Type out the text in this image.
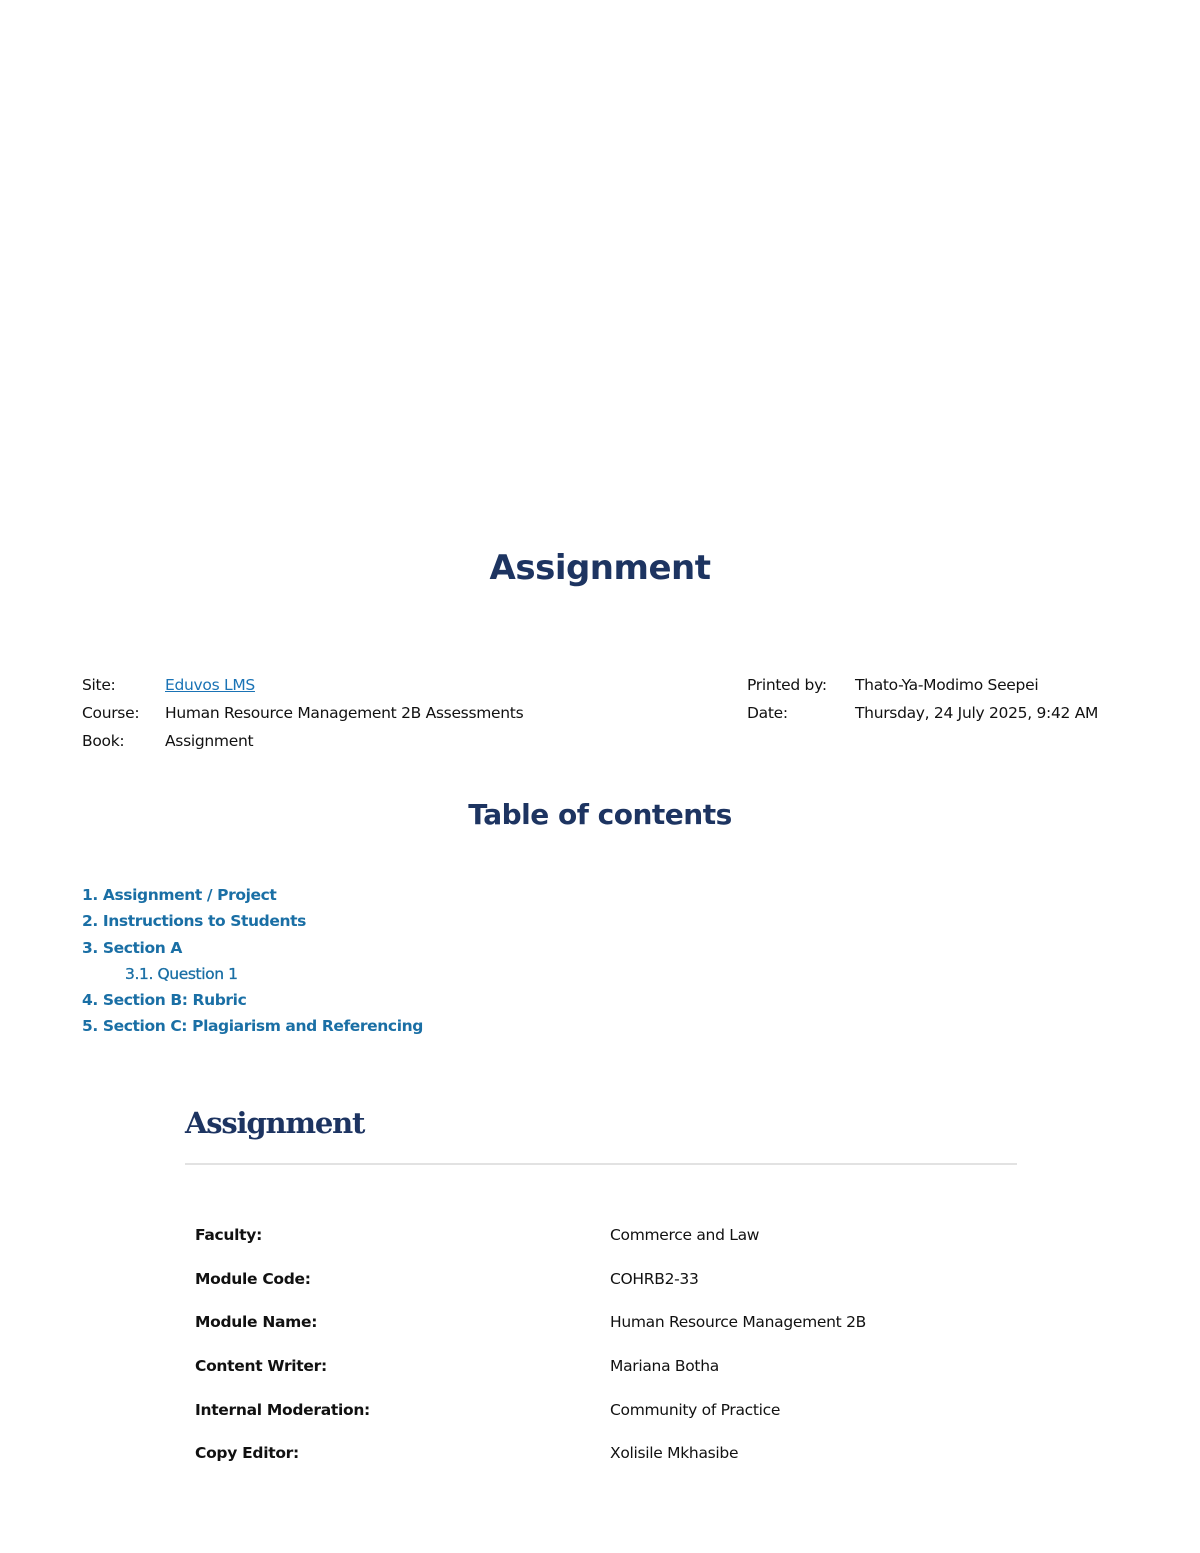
Assignment
Site:	Eduvos LMS
Course: Human Resource Management 2B Assessments
Book:	Assignment
Printed by: Thato-Ya-Modimo Seepei
Date:	Thursday, 24 July 2025, 9:42 AM
Table of contents
1. Assignment / Project
2. Instructions to Students
3. Section A
3.1. Question 1
4. Section B: Rubric
5. Section C: Plagiarism and Referencing
Assignment
Faculty:	Commerce and Law
Module Code:	COHRB2-33
Module Name:	Human Resource Management 2B
Content Writer:	Mariana Botha
Internal Moderation:	Community of Practice
Copy Editor:	Xolisile Mkhasibe
